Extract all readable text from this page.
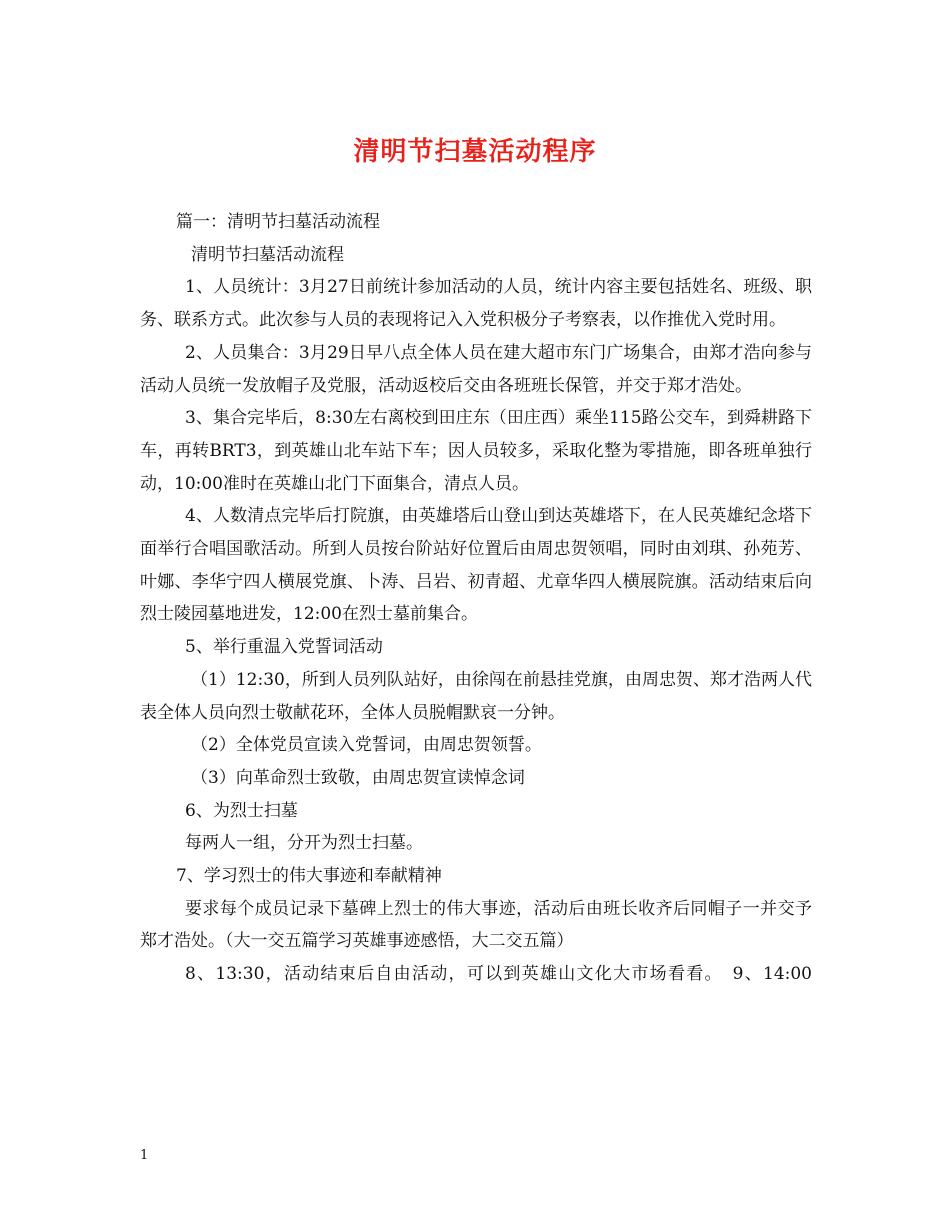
清明节扫墓活动程序

篇一：清明节扫墓活动流程

清明节扫墓活动流程

1、人员统计：3月27日前统计参加活动的人员，统计内容主要包括姓名、班级、职务、联系方式。此次参与人员的表现将记入入党积极分子考察表，以作推优入党时用。

2、人员集合：3月29日早八点全体人员在建大超市东门广场集合，由郑才浩向参与活动人员统一发放帽子及党服，活动返校后交由各班班长保管，并交于郑才浩处。

3、集合完毕后，8:30左右离校到田庄东（田庄西）乘坐115路公交车，到舜耕路下车，再转BRT3，到英雄山北车站下车；因人员较多，采取化整为零措施，即各班单独行动，10:00准时在英雄山北门下面集合，清点人员。

4、人数清点完毕后打院旗，由英雄塔后山登山到达英雄塔下，在人民英雄纪念塔下面举行合唱国歌活动。所到人员按台阶站好位置后由周忠贺领唱，同时由刘琪、孙苑芳、叶娜、李华宁四人横展党旗、卜涛、吕岩、初青超、尤章华四人横展院旗。活动结束后向烈士陵园墓地进发，12:00在烈士墓前集合。

5、举行重温入党誓词活动

（1）12:30，所到人员列队站好，由徐闯在前悬挂党旗，由周忠贺、郑才浩两人代表全体人员向烈士敬献花环，全体人员脱帽默哀一分钟。

（2）全体党员宣读入党誓词，由周忠贺领誓。

（3）向革命烈士致敬，由周忠贺宣读悼念词

6、为烈士扫墓

每两人一组，分开为烈士扫墓。

7、学习烈士的伟大事迹和奉献精神

要求每个成员记录下墓碑上烈士的伟大事迹，活动后由班长收齐后同帽子一并交予郑才浩处。（大一交五篇学习英雄事迹感悟，大二交五篇）

8、13:30，活动结束后自由活动，可以到英雄山文化大市场看看。　9、14:00

1
